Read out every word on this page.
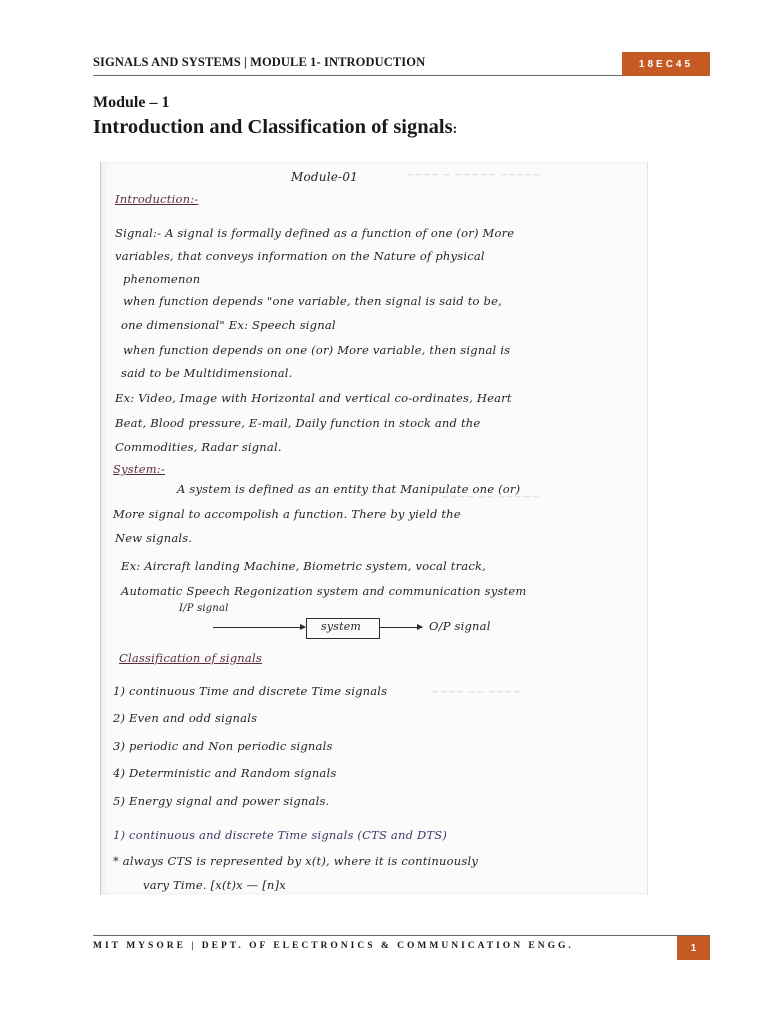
SIGNALS AND SYSTEMS | MODULE 1- INTRODUCTION	18EC45
Module – 1
Introduction and Classification of signals:
~~~~ ~ ~~~~~ ~~~~~
~~~~ ~~ ~~~~~
~~~~ ~~ ~~~~
Module-01
Introduction:-
Signal:- A signal is formally defined as a function of one (or) More
variables, that conveys information on the Nature of physical
phenomenon
when function depends "one variable, then signal is said to be,
one dimensional" Ex: Speech signal
when function depends on one (or) More variable, then signal is
said to be Multidimensional.
Ex: Video, Image with Horizontal and vertical co-ordinates, Heart
Beat, Blood pressure, E-mail, Daily function in stock and the
Commodities, Radar signal.
System:-
A system is defined as an entity that Manipulate one (or)
More signal to accompolish a function. There by yield the
New signals.
Ex: Aircraft landing Machine, Biometric system, vocal track,
Automatic Speech Regonization system and communication system
I/P signal
system	O/P signal
Classification of signals
1) continuous Time and discrete Time signals
2) Even and odd signals
3) periodic and Non periodic signals
4) Deterministic and Random signals
5) Energy signal and power signals.
1) continuous and discrete Time signals (CTS and DTS)
* always CTS is represented by x(t), where it is continuously
vary Time. [x(t)x — [n]x
MIT MYSORE | DEPT. OF ELECTRONICS & COMMUNICATION ENGG.	1
